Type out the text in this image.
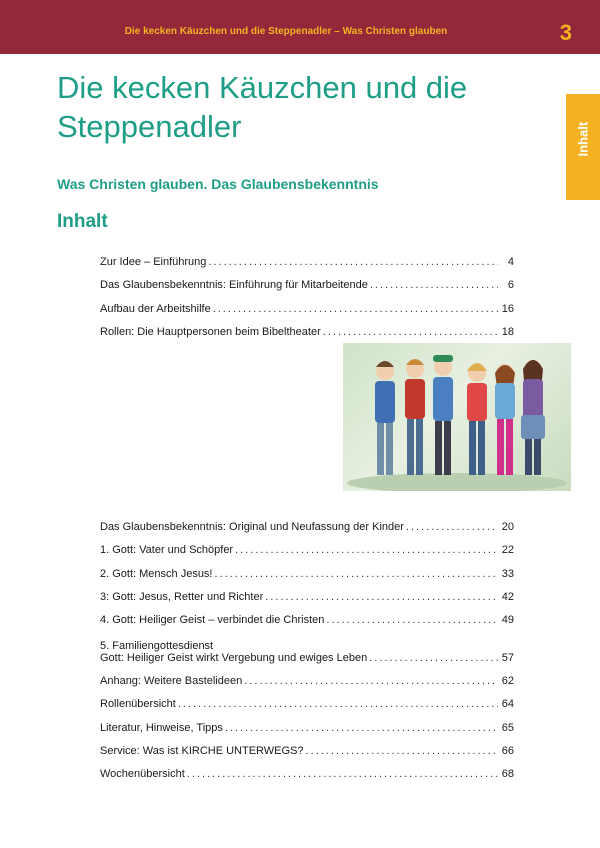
Die kecken Käuzchen und die Steppenadler – Was Christen glauben	3
Inhalt
Die kecken Käuzchen und die Steppenadler
Was Christen glauben. Das Glaubensbekenntnis
Inhalt
Zur Idee – Einführung .....	4
Das Glaubensbekenntnis: Einführung für Mitarbeitende .....	6
Aufbau der Arbeitshilfe .....	16
Rollen: Die Hauptpersonen beim Bibeltheater .....	18
Das Glaubensbekenntnis: Original und Neufassung der Kinder .....	20
1. Gott: Vater und Schöpfer .....	22
2. Gott: Mensch Jesus! .....	33
3: Gott: Jesus, Retter und Richter .....	42
4. Gott: Heiliger Geist – verbindet die Christen .....	49
5. Familiengottesdienst
Gott: Heiliger Geist wirkt Vergebung und ewiges Leben .....	57
Anhang: Weitere Bastelideen .....	62
Rollenübersicht .....	64
Literatur, Hinweise, Tipps .....	65
Service: Was ist KIRCHE UNTERWEGS? .....	66
Wochenübersicht .....	68
